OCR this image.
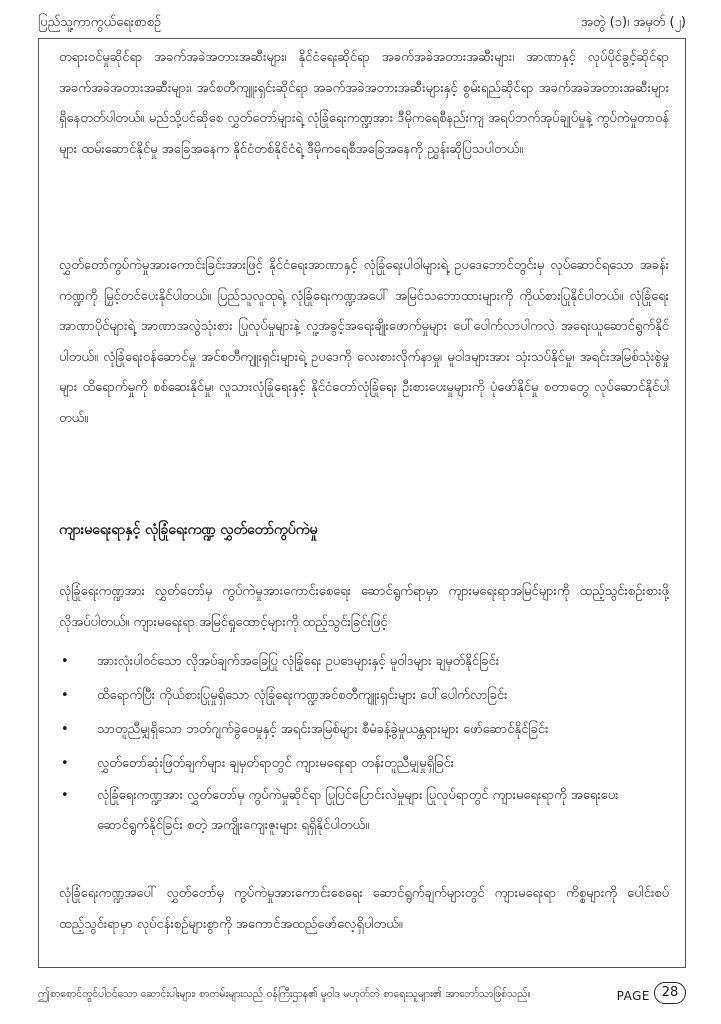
ပြည်သူ့ကာကွယ်ရေးစာစဥ်	အတွဲ (၁)၊ အမှတ် (၂)

တရားဝင်မှုဆိုင်ရာ အခက်အခဲအတားအဆီးများ၊ နိုင်ငံရေးဆိုင်ရာ အခက်အခဲအတားအဆီးများ၊ အာဏာနှင့် လုပ်ပိုင်ခွင့်ဆိုင်ရာ အခက်အခဲအတားအဆီးများ၊ အင်စတီကျူးရှင်းဆိုင်ရာ အခက်အခဲအတားအဆီးများနှင့် စွမ်းရည်ဆိုင်ရာ အခက်အခဲအတားအဆီးများ ရှိနေတတ်ပါတယ်။ မည်သို့ပင်ဆိုစေ လွှတ်တော်များရဲ့ လုံခြုံရေးကဏ္ဍအား ဒီမိုကရေစီနည်းကျ အရပ်ဘက်အုပ်ချုပ်မှုနဲ့ ကွပ်ကဲမှုတာဝန်များ ထမ်းဆောင်နိုင်မှု အခြေအနေက နိုင်ငံတစ်နိုင်ငံရဲ့ ဒီမိုကရေစီအခြေအနေကို ညွှန်းဆိုပြသပါတယ်။

လွှတ်တော်ကွပ်ကဲမှုအားကောင်းခြင်းအားဖြင့် နိုင်ငံရေးအာဏာနှင့် လုံခြုံရေးပါဝါများရဲ့ ဥပဒေဘောင်တွင်းမှ လုပ်ဆောင်ရသော အခန်းကဏ္ဍကို မြှင့်တင်ပေးနိုင်ပါတယ်။ ပြည်သူလူထုရဲ့ လုံခြုံရေးကဏ္ဍအပေါ် အမြင်သဘောထားများကို ကိုယ်စားပြုနိုင်ပါတယ်။ လုံခြုံရေးအာဏာပိုင်များရဲ့ အာဏာအလွဲသုံးစား ပြုလုပ်မှုများနဲ့ လူ့အခွင့်အရေးချိုးဖောက်မှုများ ပေါ်ပေါက်လာပါကလဲ အရေးယူဆောင်ရွက်နိုင်ပါတယ်။ လုံခြုံရေးဝန်ဆောင်မှု အင်စတီကျူးရှင်းများရဲ့ ဥပဒေကို လေးစားလိုက်နာမှု၊ မူဝါဒများအား သုံးသပ်နိုင်မှု၊ အရင်းအမြစ်သုံးစွဲမှုများ ထိရောက်မှုကို စစ်ဆေးနိုင်မှု၊ လူသားလုံခြုံရေးနှင့် နိုင်ငံတော်လုံခြုံရေး ဦးစားပေးမှုများကို ပုံဖော်နိုင်မှု စတာတွေ လုပ်ဆောင်နိုင်ပါတယ်။

ကျားမရေးရာနှင့် လုံခြုံရေးကဏ္ဍ လွှတ်တော်ကွပ်ကဲမှု

လုံခြုံရေးကဏ္ဍအား လွှတ်တော်မှ ကွပ်ကဲမှုအားကောင်းစေရေး ဆောင်ရွက်ရာမှာ ကျားမရေးရာအမြင်များကို ထည့်သွင်းစဥ်းစားဖို့ လိုအပ်ပါတယ်။ ကျားမရေးရာ အမြင်ရှုထောင့်များကို ထည့်သွင်းခြင်းဖြင့်

• အားလုံးပါဝင်သော လိုအပ်ချက်အခြေပြု လုံခြုံရေး ဥပဒေများနှင့် မူဝါဒများ ချမှတ်နိုင်ခြင်း
• ထိရောက်ပြီး ကိုယ်စားပြုမှုရှိသော လုံခြုံရေးကဏ္ဍအင်စတီကျူးရှင်းများ ပေါ်ပေါက်လာခြင်း
• သာတူညီမျှရှိသော ဘတ်ဂျက်ခွဲဝေမှုနှင့် အရင်းအမြစ်များ စီမံခန့်ခွဲမှုယန္တရားများ ဖော်ဆောင်နိုင်ခြင်း
• လွှတ်တော်ဆုံးဖြတ်ချက်များ ချမှတ်ရာတွင် ကျားမရေးရာ တန်းတူညီမျှမှုရှိခြင်း
• လုံခြုံရေးကဏ္ဍအား လွှတ်တော်မှ ကွပ်ကဲမှုဆိုင်ရာ ပြုပြင်ပြောင်းလဲမှုများ ပြုလုပ်ရာတွင် ကျားမရေးရာကို အရေးပေးဆောင်ရွက်နိုင်ခြင်း စတဲ့ အကျိုးကျေးဇူးများ ရရှိနိုင်ပါတယ်။

လုံခြုံရေးကဏ္ဍအပေါ် လွှတ်တော်မှ ကွပ်ကဲမှုအားကောင်းစေရေး ဆောင်ရွက်ချက်များတွင် ကျားမရေးရာ ကိစ္စများကို ပေါင်းစပ်ထည့်သွင်းရာမှာ လုပ်ငန်းစဥ်များစွာကို အကောင်အထည်ဖော်လေ့ရှိပါတယ်။

ဤစာစောင်တွင်ပါဝင်သော ဆောင်းပါးများ၊ စာတမ်းများသည် ဝန်ကြီးဌာန၏ မူဝါဒ မဟုတ်ဘဲ စာရေးသူများ၏ အာဘော်သာဖြစ်သည်။	PAGE 28
